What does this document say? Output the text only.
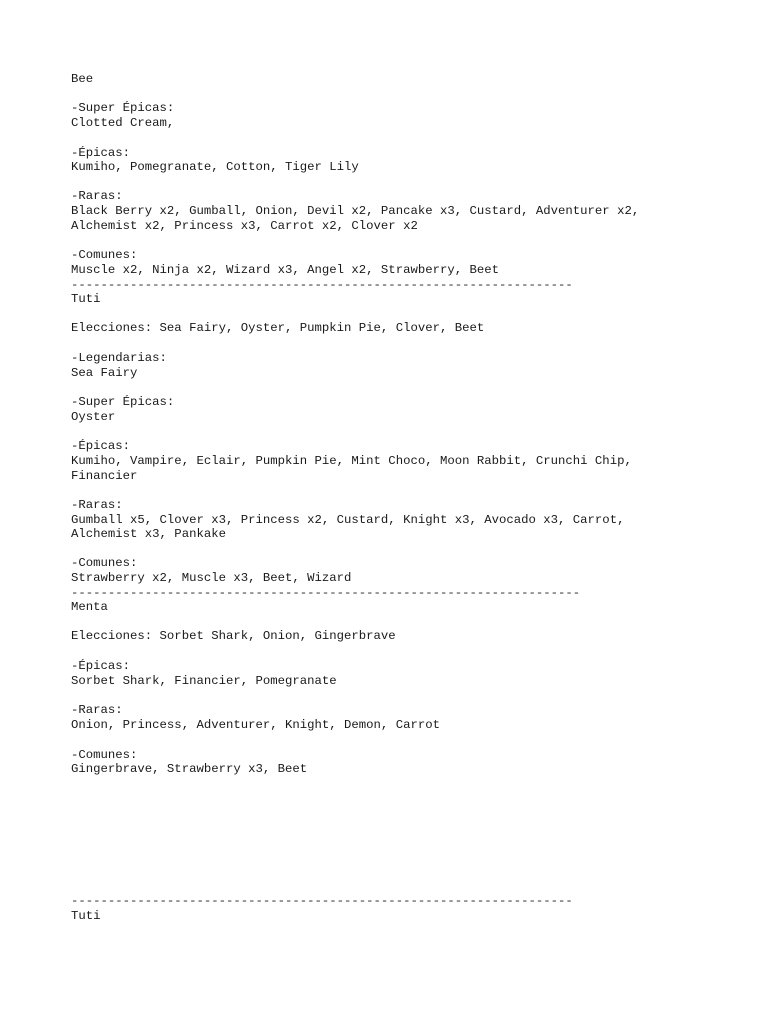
Bee
-Super Épicas:
Clotted Cream,
-Épicas:
Kumiho, Pomegranate, Cotton, Tiger Lily
-Raras:
Black Berry x2, Gumball, Onion, Devil x2, Pancake x3, Custard, Adventurer x2,
Alchemist x2, Princess x3, Carrot x2, Clover x2
-Comunes:
Muscle x2, Ninja x2, Wizard x3, Angel x2, Strawberry, Beet
--------------------------------------------------------------------
Tuti
Elecciones: Sea Fairy, Oyster, Pumpkin Pie, Clover, Beet
-Legendarias:
Sea Fairy
-Super Épicas:
Oyster
-Épicas:
Kumiho, Vampire, Eclair, Pumpkin Pie, Mint Choco, Moon Rabbit, Crunchi Chip,
Financier
-Raras:
Gumball x5, Clover x3, Princess x2, Custard, Knight x3, Avocado x3, Carrot,
Alchemist x3, Pankake
-Comunes:
Strawberry x2, Muscle x3, Beet, Wizard
---------------------------------------------------------------------
Menta
Elecciones: Sorbet Shark, Onion, Gingerbrave
-Épicas:
Sorbet Shark, Financier, Pomegranate
-Raras:
Onion, Princess, Adventurer, Knight, Demon, Carrot
-Comunes:
Gingerbrave, Strawberry x3, Beet
--------------------------------------------------------------------
Tuti
